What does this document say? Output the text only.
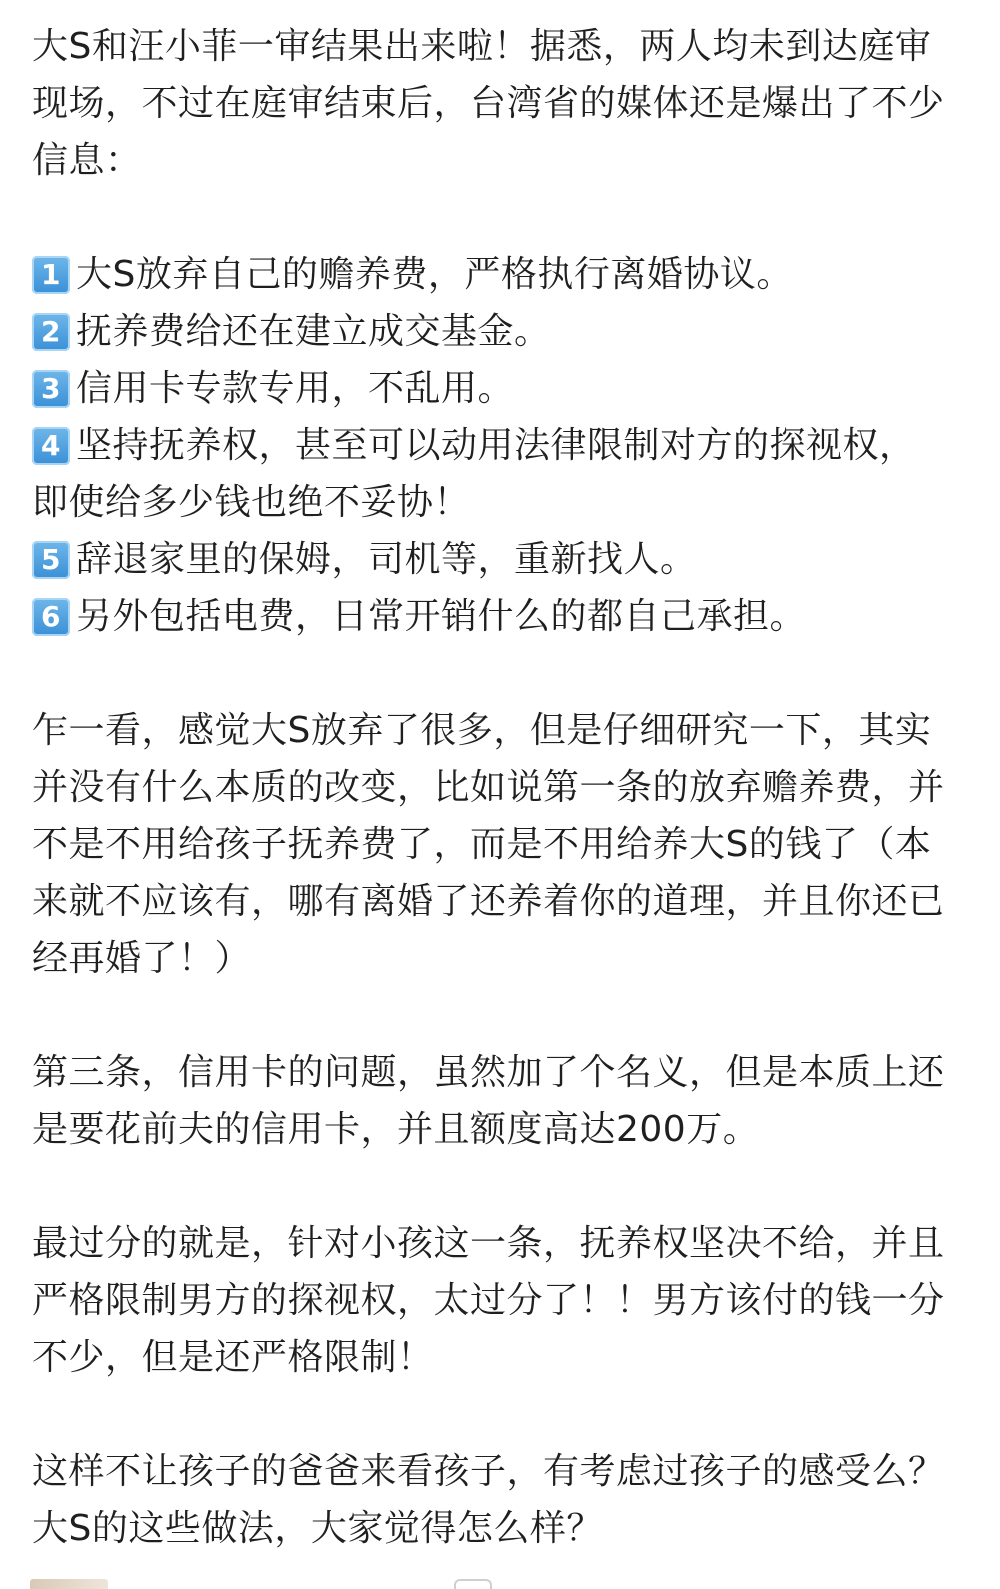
大S和汪小菲一审结果出来啦！据悉，两人均未到达庭审
现场，不过在庭审结束后，台湾省的媒体还是爆出了不少
信息：
1 大S放弃自己的赡养费，严格执行离婚协议。
2 抚养费给还在建立成交基金。
3 信用卡专款专用，不乱用。
4 坚持抚养权，甚至可以动用法律限制对方的探视权，
即使给多少钱也绝不妥协！
5 辞退家里的保姆，司机等，重新找人。
6 另外包括电费，日常开销什么的都自己承担。
乍一看，感觉大S放弃了很多，但是仔细研究一下，其实
并没有什么本质的改变，比如说第一条的放弃赡养费，并
不是不用给孩子抚养费了，而是不用给养大S的钱了（本
来就不应该有，哪有离婚了还养着你的道理，并且你还已
经再婚了！）
第三条，信用卡的问题，虽然加了个名义，但是本质上还
是要花前夫的信用卡，并且额度高达200万。
最过分的就是，针对小孩这一条，抚养权坚决不给，并且
严格限制男方的探视权，太过分了！！男方该付的钱一分
不少，但是还严格限制！
这样不让孩子的爸爸来看孩子，有考虑过孩子的感受么？
大S的这些做法，大家觉得怎么样？
